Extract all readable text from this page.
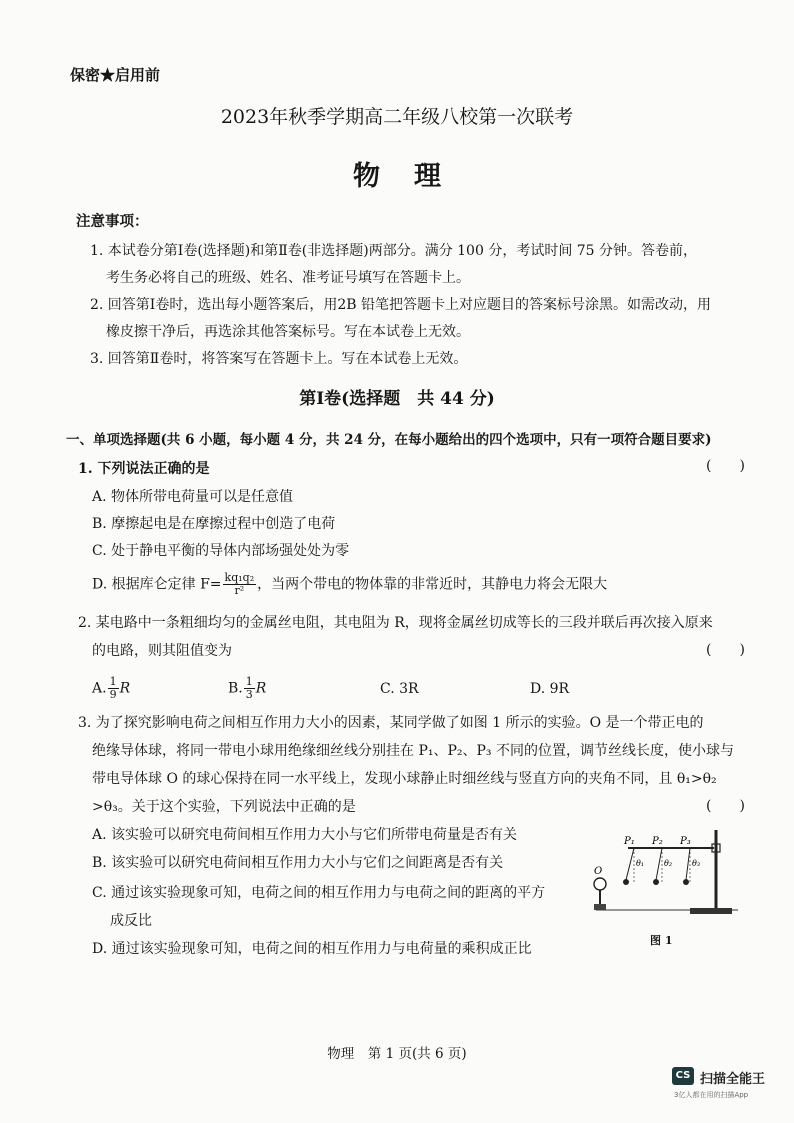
保密★启用前
2023年秋季学期高二年级八校第一次联考
物理
注意事项：
1. 本试卷分第Ⅰ卷(选择题)和第Ⅱ卷(非选择题)两部分。满分 100 分，考试时间 75 分钟。答卷前，
考生务必将自己的班级、姓名、准考证号填写在答题卡上。
2. 回答第Ⅰ卷时，选出每小题答案后，用2B 铅笔把答题卡上对应题目的答案标号涂黑。如需改动，用
橡皮擦干净后，再选涂其他答案标号。写在本试卷上无效。
3. 回答第Ⅱ卷时，将答案写在答题卡上。写在本试卷上无效。
第Ⅰ卷(选择题　共 44 分)
一、单项选择题(共 6 小题，每小题 4 分，共 24 分，在每小题给出的四个选项中，只有一项符合题目要求)
1. 下列说法正确的是	(　　)
A. 物体所带电荷量可以是任意值
B. 摩擦起电是在摩擦过程中创造了电荷
C. 处于静电平衡的导体内部场强处处为零
D. 根据库仑定律 $F= \frac{\text{kq₁q₂}}{\text{r²}}$ ，当两个带电的物体靠的非常近时，其静电力将会无限大
2. 某电路中一条粗细均匀的金属丝电阻，其电阻为 R，现将金属丝切成等长的三段并联后再次接入原来
的电路，则其阻值变为	(　　)
A. $\frac{1}{9}$ R	B. $\frac{1}{3}$ R	C. 3R	D. 9R
3. 为了探究影响电荷之间相互作用力大小的因素，某同学做了如图 1 所示的实验。O 是一个带正电的
绝缘导体球，将同一带电小球用绝缘细丝线分别挂在 P₁、P₂、P₃ 不同的位置，调节丝线长度，使小球与
带电导体球 O 的球心保持在同一水平线上，发现小球静止时细丝线与竖直方向的夹角不同，且 θ₁>θ₂
>θ₃。关于这个实验，下列说法中正确的是	(　　)
A. 该实验可以研究电荷间相互作用力大小与它们所带电荷量是否有关
B. 该实验可以研究电荷间相互作用力大小与它们之间距离是否有关
C. 通过该实验现象可知，电荷之间的相互作用力与电荷之间的距离的平方
成反比
D. 通过该实验现象可知，电荷之间的相互作用力与电荷量的乘积成正比
P₁ P₂ P₃
θ₁ θ₂ θ₃
O
图 1
物理　第 1 页(共 6 页)
CS 扫描全能王
3亿人都在用的扫描App
